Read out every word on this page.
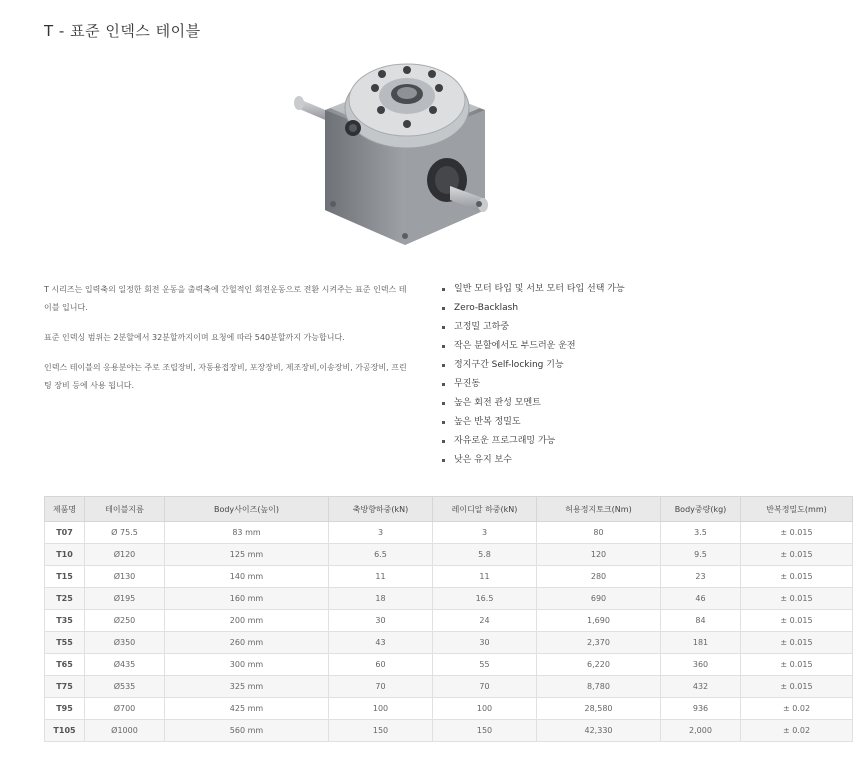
T - 표준 인덱스 테이블

T 시리즈는 입력축의 일정한 회전 운동을 출력축에 간헐적인 회전운동으로 전환 시켜주는 표준 인덱스 테이블 입니다.

표준 인덱싱 범위는 2분할에서 32분할까지이며 요청에 따라 540분할까지 가능합니다.

인덱스 테이블의 응용분야는 주로 조립장비, 자동용접장비, 포장장비, 제조장비,이송장비, 가공장비, 프린팅 장비 등에 사용 됩니다.

일반 모터 타입 및 서보 모터 타입 선택 가능
Zero-Backlash
고정밀 고하중
작은 분할에서도 부드러운 운전
정지구간 Self-locking 기능
무진동
높은 회전 관성 모멘트
높은 반복 정밀도
자유로운 프로그래밍 가능
낮은 유지 보수
제품명	테이블지름	Body사이즈(높이)	축방향하중(kN)	레이디알 하중(kN)	허용정지토크(Nm)	Body중량(kg)	반복정밀도(mm)
T07	Ø 75.5	83 mm	3	3	80	3.5	± 0.015
T10	Ø120	125 mm	6.5	5.8	120	9.5	± 0.015
T15	Ø130	140 mm	11	11	280	23	± 0.015
T25	Ø195	160 mm	18	16.5	690	46	± 0.015
T35	Ø250	200 mm	30	24	1,690	84	± 0.015
T55	Ø350	260 mm	43	30	2,370	181	± 0.015
T65	Ø435	300 mm	60	55	6,220	360	± 0.015
T75	Ø535	325 mm	70	70	8,780	432	± 0.015
T95	Ø700	425 mm	100	100	28,580	936	± 0.02
T105	Ø1000	560 mm	150	150	42,330	2,000	± 0.02
